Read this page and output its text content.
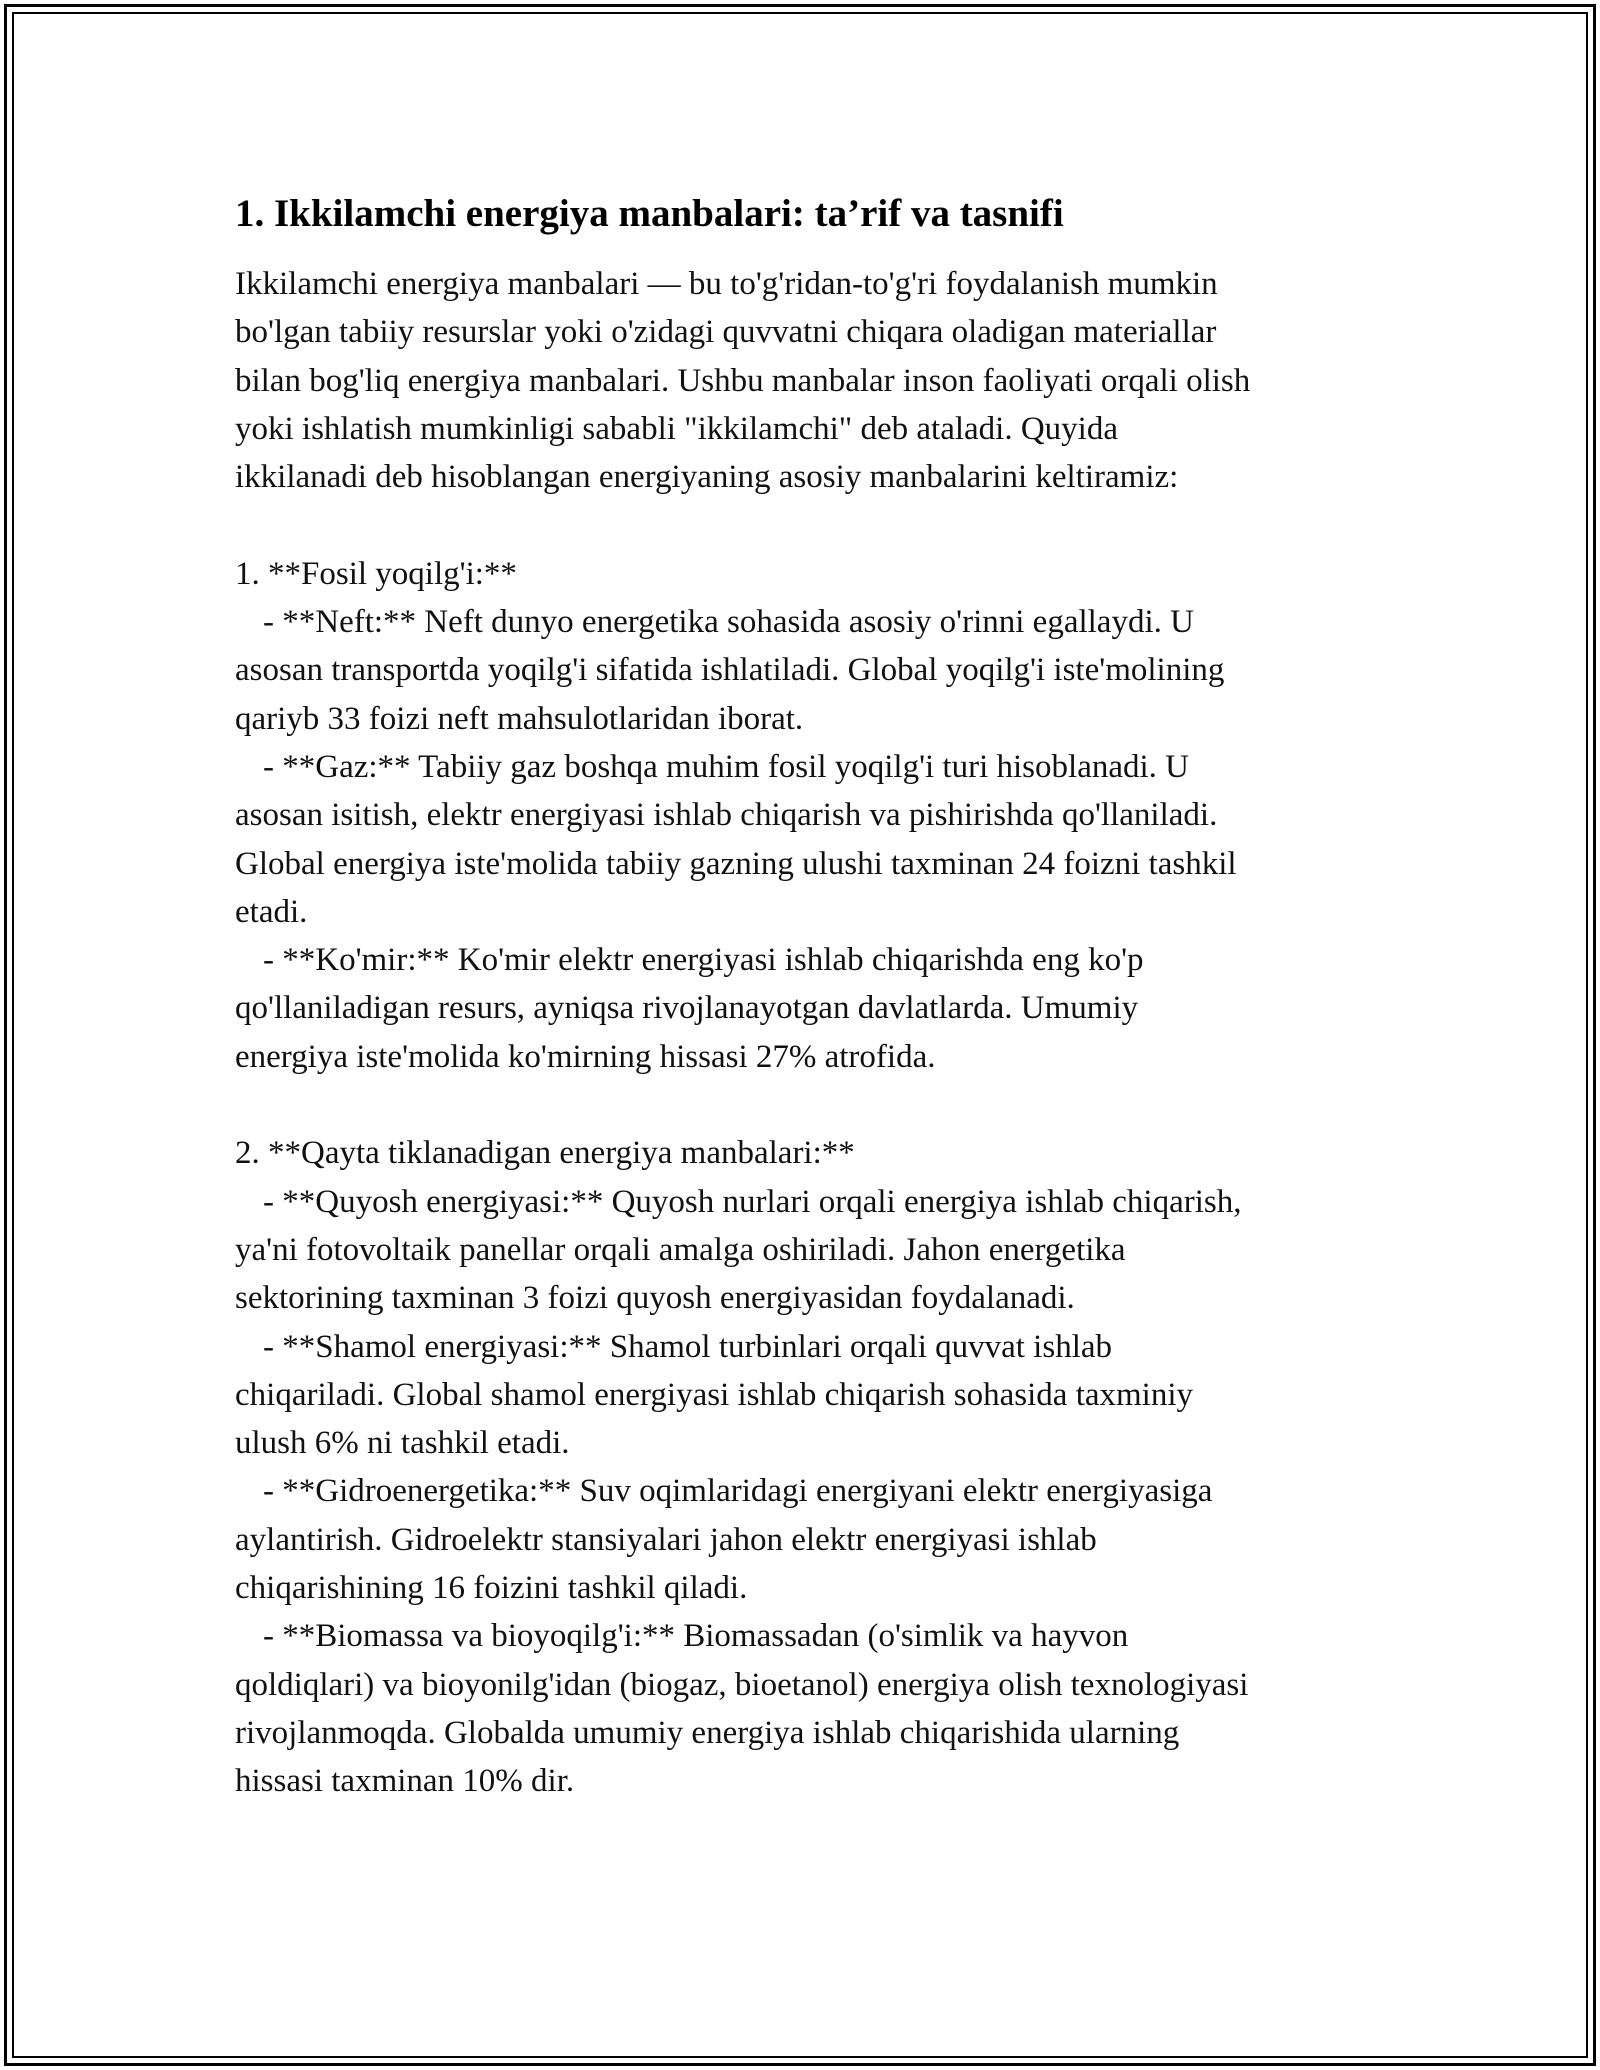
1. Ikkilamchi energiya manbalari: ta’rif va tasnifi
Ikkilamchi energiya manbalari — bu to'g'ridan-to'g'ri foydalanish mumkin
bo'lgan tabiiy resurslar yoki o'zidagi quvvatni chiqara oladigan materiallar
bilan bog'liq energiya manbalari. Ushbu manbalar inson faoliyati orqali olish
yoki ishlatish mumkinligi sababli "ikkilamchi" deb ataladi. Quyida
ikkilanadi deb hisoblangan energiyaning asosiy manbalarini keltiramiz:
1. **Fosil yoqilg'i:**
- **Neft:** Neft dunyo energetika sohasida asosiy o'rinni egallaydi. U
asosan transportda yoqilg'i sifatida ishlatiladi. Global yoqilg'i iste'molining
qariyb 33 foizi neft mahsulotlaridan iborat.
- **Gaz:** Tabiiy gaz boshqa muhim fosil yoqilg'i turi hisoblanadi. U
asosan isitish, elektr energiyasi ishlab chiqarish va pishirishda qo'llaniladi.
Global energiya iste'molida tabiiy gazning ulushi taxminan 24 foizni tashkil
etadi.
- **Ko'mir:** Ko'mir elektr energiyasi ishlab chiqarishda eng ko'p
qo'llaniladigan resurs, ayniqsa rivojlanayotgan davlatlarda. Umumiy
energiya iste'molida ko'mirning hissasi 27% atrofida.
2. **Qayta tiklanadigan energiya manbalari:**
- **Quyosh energiyasi:** Quyosh nurlari orqali energiya ishlab chiqarish,
ya'ni fotovoltaik panellar orqali amalga oshiriladi. Jahon energetika
sektorining taxminan 3 foizi quyosh energiyasidan foydalanadi.
- **Shamol energiyasi:** Shamol turbinlari orqali quvvat ishlab
chiqariladi. Global shamol energiyasi ishlab chiqarish sohasida taxminiy
ulush 6% ni tashkil etadi.
- **Gidroenergetika:** Suv oqimlaridagi energiyani elektr energiyasiga
aylantirish. Gidroelektr stansiyalari jahon elektr energiyasi ishlab
chiqarishining 16 foizini tashkil qiladi.
- **Biomassa va bioyoqilg'i:** Biomassadan (o'simlik va hayvon
qoldiqlari) va bioyonilg'idan (biogaz, bioetanol) energiya olish texnologiyasi
rivojlanmoqda. Globalda umumiy energiya ishlab chiqarishida ularning
hissasi taxminan 10% dir.
